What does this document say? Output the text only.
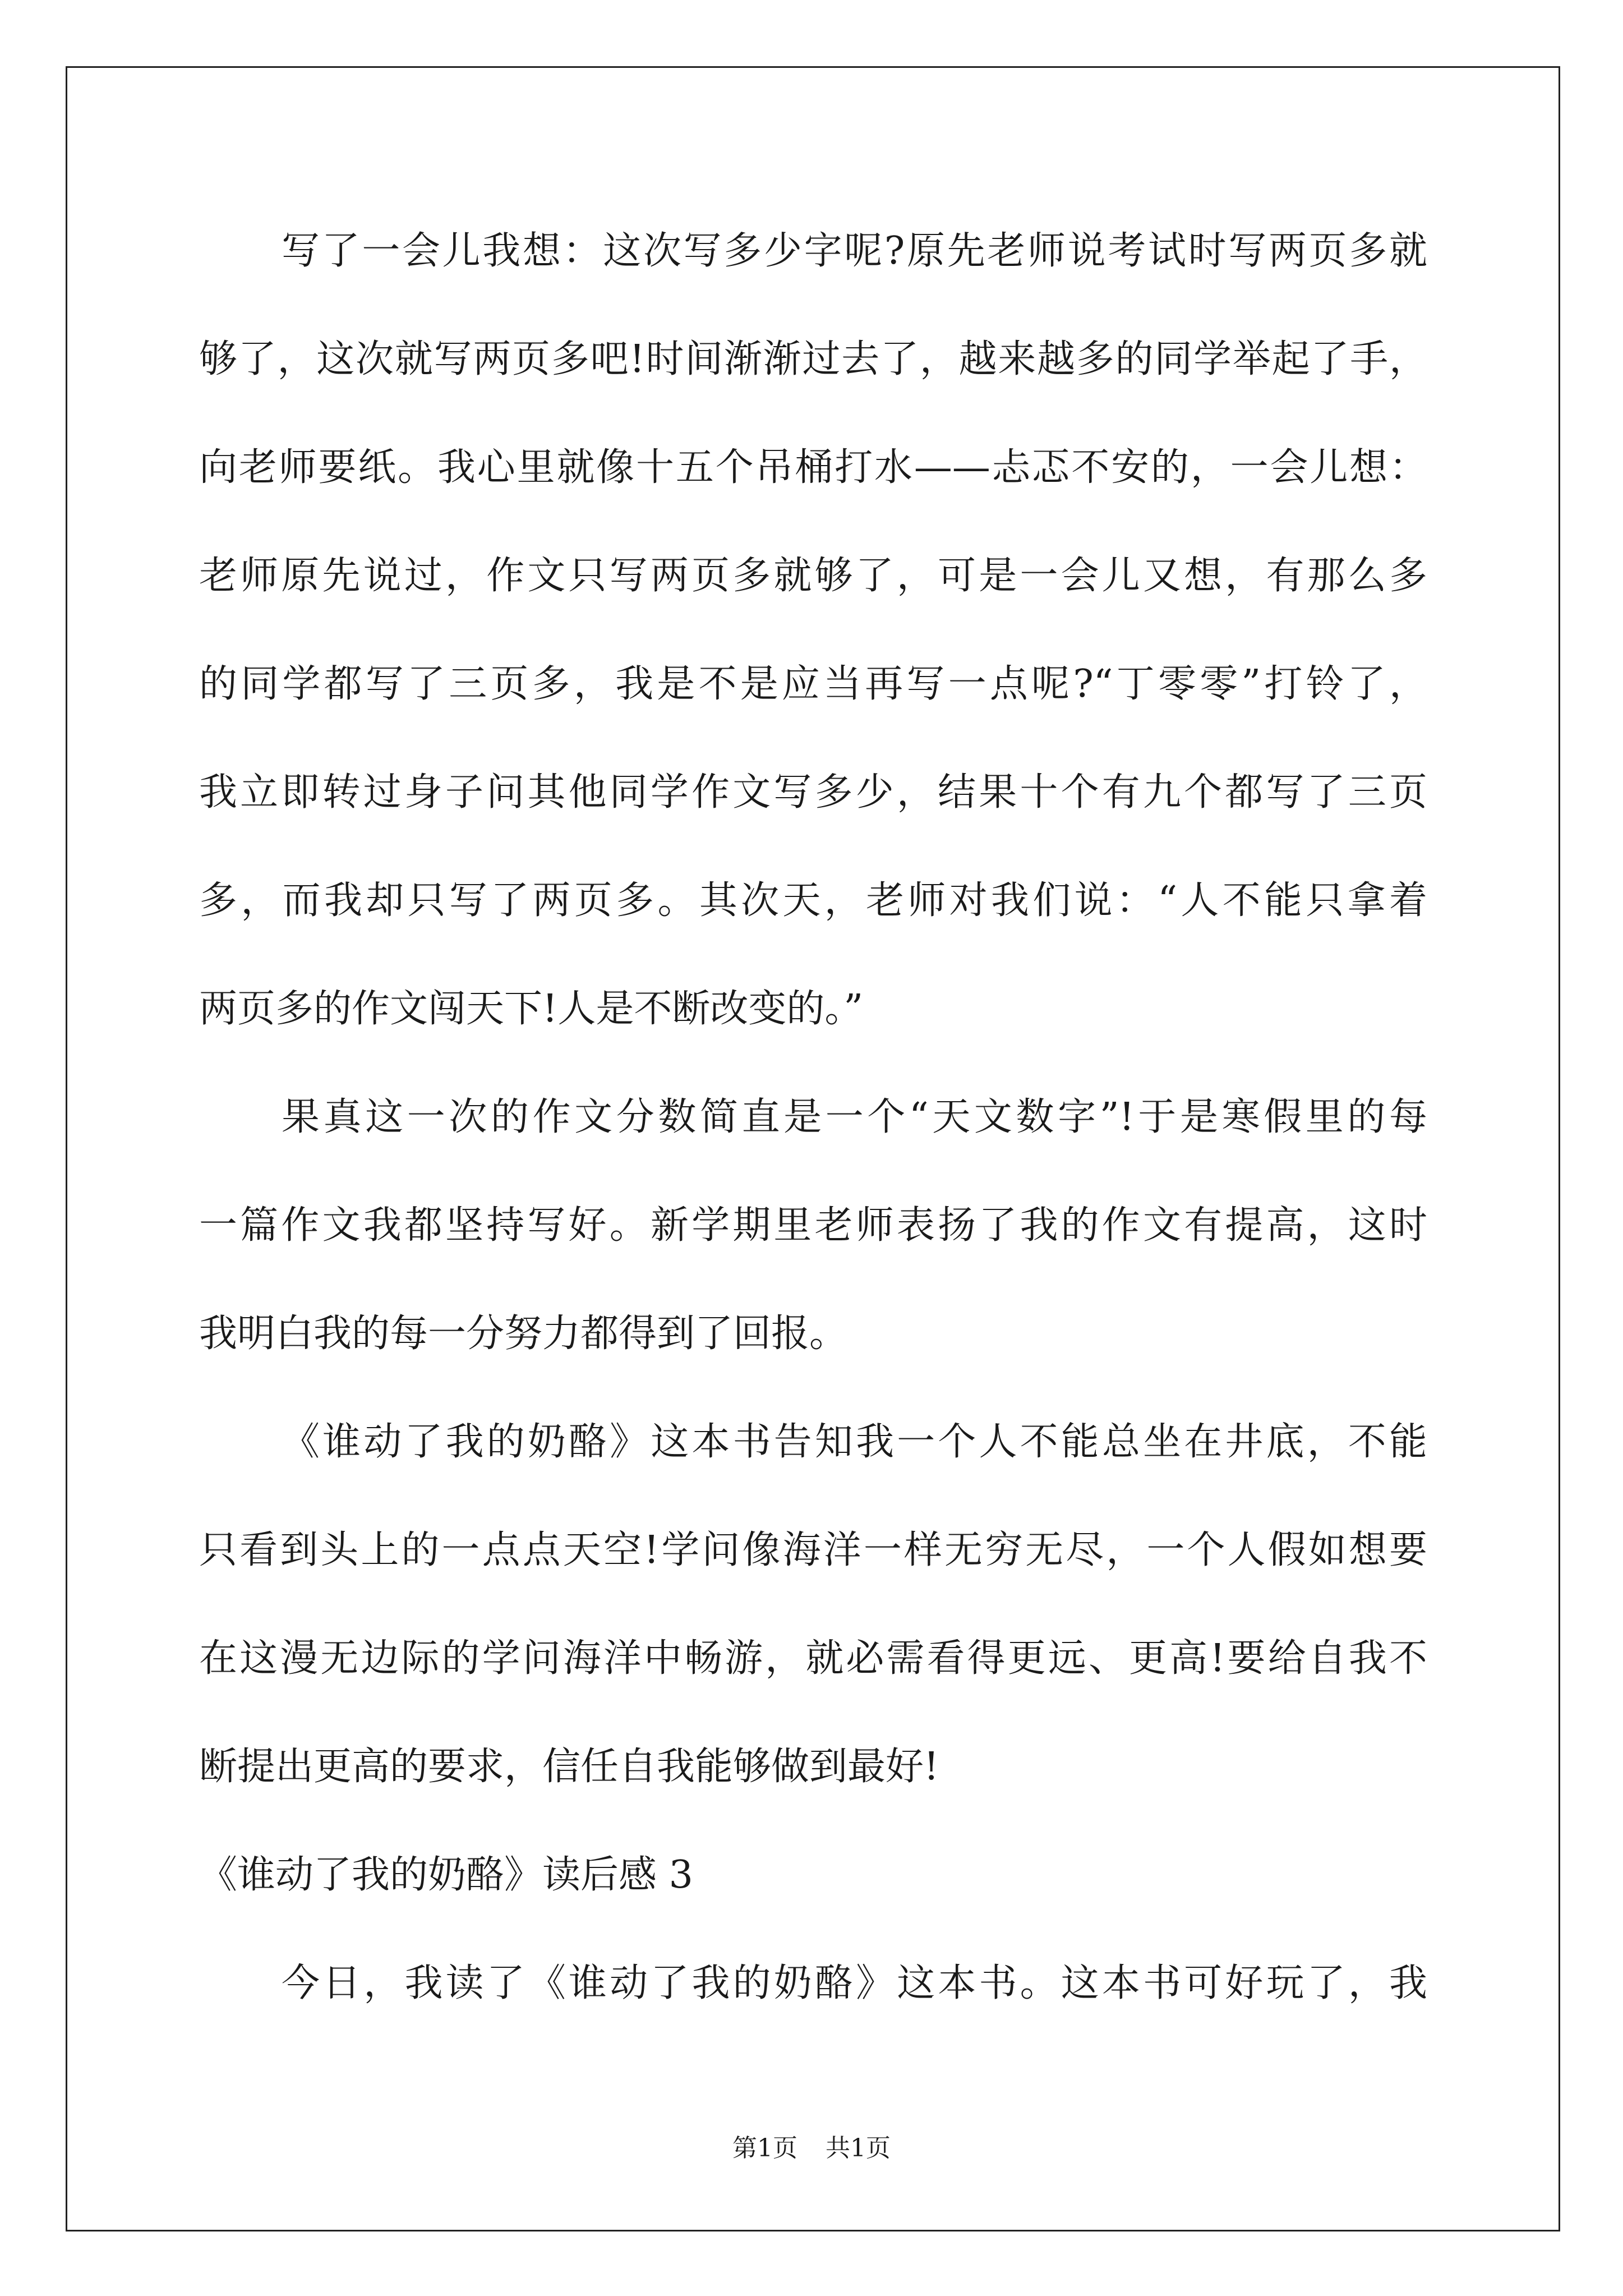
写了一会儿我想：这次写多少字呢?原先老师说考试时写两页多就
够了，这次就写两页多吧!时间渐渐过去了，越来越多的同学举起了手，
向老师要纸。我心里就像十五个吊桶打水——忐忑不安的，一会儿想：
老师原先说过，作文只写两页多就够了，可是一会儿又想，有那么多
的同学都写了三页多，我是不是应当再写一点呢?“丁零零”打铃了，
我立即转过身子问其他同学作文写多少，结果十个有九个都写了三页
多，而我却只写了两页多。其次天，老师对我们说：“人不能只拿着
两页多的作文闯天下!人是不断改变的。”
果真这一次的作文分数简直是一个“天文数字”!于是寒假里的每
一篇作文我都坚持写好。新学期里老师表扬了我的作文有提高，这时
我明白我的每一分努力都得到了回报。
《谁动了我的奶酪》这本书告知我一个人不能总坐在井底，不能
只看到头上的一点点天空!学问像海洋一样无穷无尽，一个人假如想要
在这漫无边际的学问海洋中畅游，就必需看得更远、更高!要给自我不
断提出更高的要求，信任自我能够做到最好!
《谁动了我的奶酪》读后感 3
今日，我读了《谁动了我的奶酪》这本书。这本书可好玩了，我
第1页 共1页
